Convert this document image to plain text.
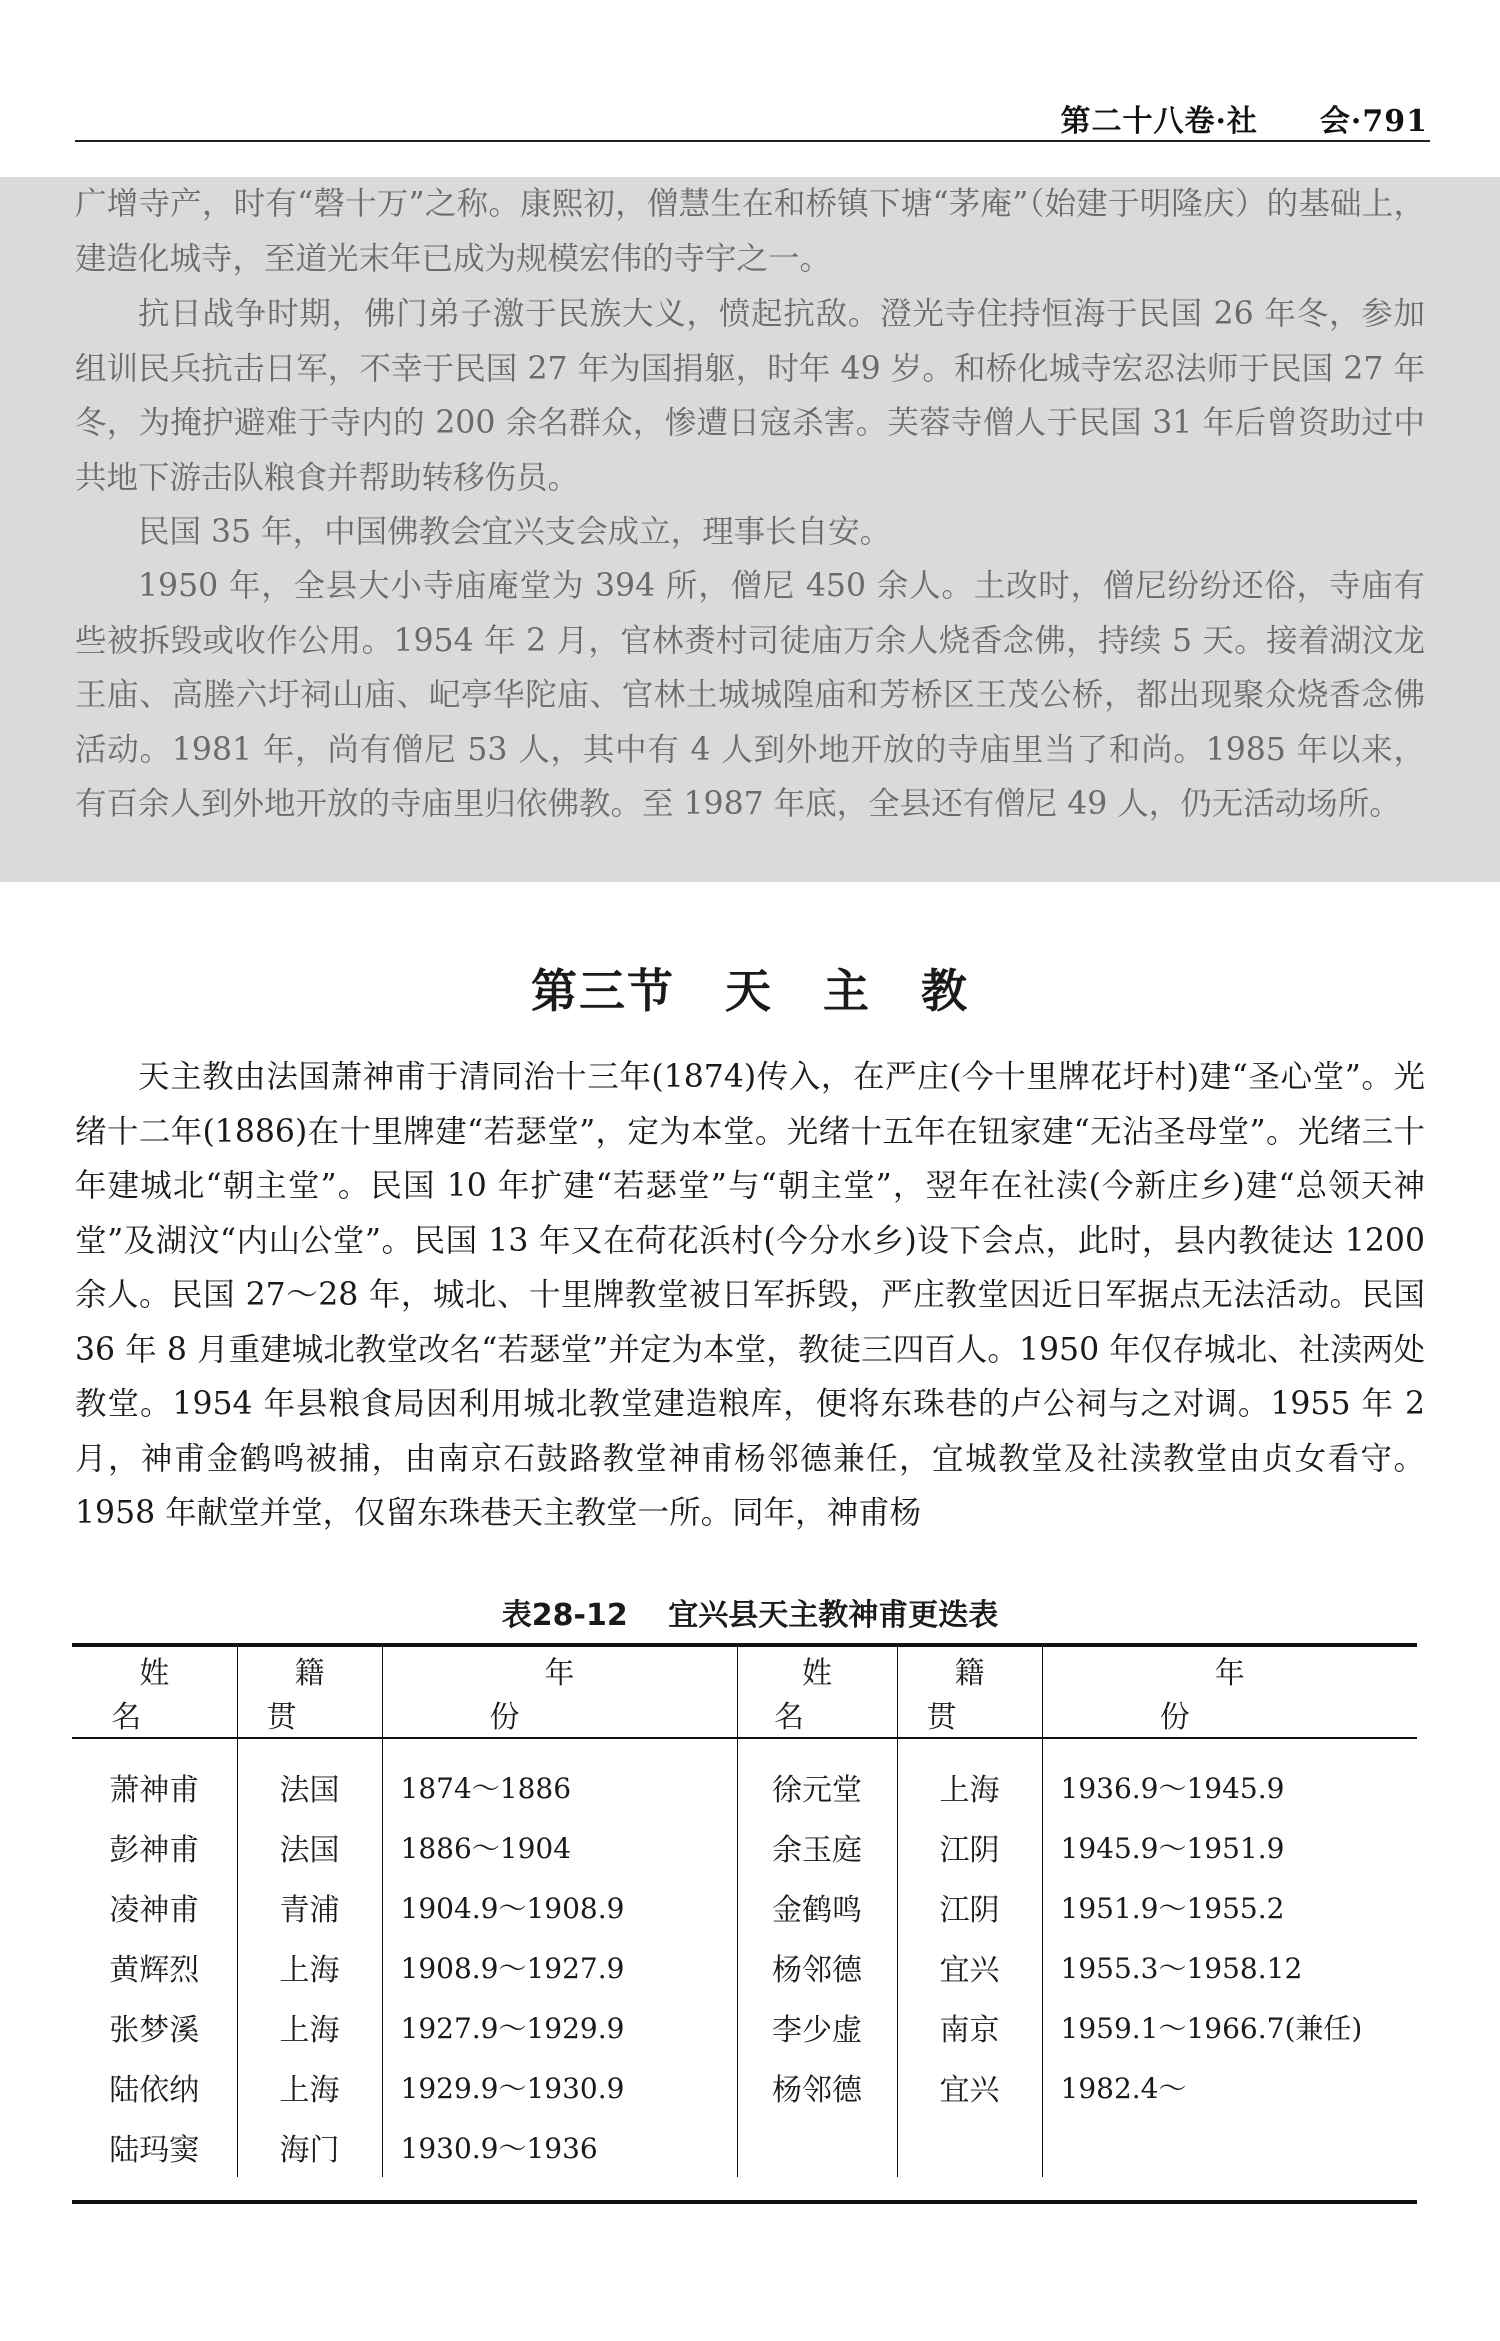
第二十八卷·社　　会·791

广增寺产，时有“磬十万”之称。康熙初，僧慧生在和桥镇下塘“茅庵”（始建于明隆庆）的基础上，建造化城寺，至道光末年已成为规模宏伟的寺宇之一。

抗日战争时期，佛门弟子激于民族大义，愤起抗敌。澄光寺住持恒海于民国 26 年冬，参加组训民兵抗击日军，不幸于民国 27 年为国捐躯，时年 49 岁。和桥化城寺宏忍法师于民国 27 年冬，为掩护避难于寺内的 200 余名群众，惨遭日寇杀害。芙蓉寺僧人于民国 31 年后曾资助过中共地下游击队粮食并帮助转移伤员。

民国 35 年，中国佛教会宜兴支会成立，理事长自安。

1950 年，全县大小寺庙庵堂为 394 所，僧尼 450 余人。土改时，僧尼纷纷还俗，寺庙有些被拆毁或收作公用。1954 年 2 月，官林赉村司徒庙万余人烧香念佛，持续 5 天。接着湖汶龙王庙、高塍六圩祠山庙、屺亭华陀庙、官林土城城隍庙和芳桥区王茂公桥，都出现聚众烧香念佛活动。1981 年，尚有僧尼 53 人，其中有 4 人到外地开放的寺庙里当了和尚。1985 年以来，有百余人到外地开放的寺庙里归依佛教。至 1987 年底，全县还有僧尼 49 人，仍无活动场所。

第三节 天 主 教

天主教由法国萧神甫于清同治十三年(1874)传入，在严庄(今十里牌花圩村)建“圣心堂”。光绪十二年(1886)在十里牌建“若瑟堂”，定为本堂。光绪十五年在钮家建“无沾圣母堂”。光绪三十年建城北“朝主堂”。民国 10 年扩建“若瑟堂”与“朝主堂”，翌年在社渎(今新庄乡)建“总领天神堂”及湖汶“内山公堂”。民国 13 年又在荷花浜村(今分水乡)设下会点，此时，县内教徒达 1200 余人。民国 27～28 年，城北、十里牌教堂被日军拆毁，严庄教堂因近日军据点无法活动。民国 36 年 8 月重建城北教堂改名“若瑟堂”并定为本堂，教徒三四百人。1950 年仅存城北、社渎两处教堂。1954 年县粮食局因利用城北教堂建造粮库，便将东珠巷的卢公祠与之对调。1955 年 2 月，神甫金鹤鸣被捕，由南京石鼓路教堂神甫杨邻德兼任，宜城教堂及社渎教堂由贞女看守。1958 年献堂并堂，仅留东珠巷天主教堂一所。同年，神甫杨

表28-12 宜兴县天主教神甫更迭表
姓名	籍贯	年份	姓名	籍贯	年份
萧神甫	法国	1874～1886	徐元堂	上海	1936.9～1945.9
彭神甫	法国	1886～1904	余玉庭	江阴	1945.9～1951.9
凌神甫	青浦	1904.9～1908.9	金鹤鸣	江阴	1951.9～1955.2
黄辉烈	上海	1908.9～1927.9	杨邻德	宜兴	1955.3～1958.12
张梦溪	上海	1927.9～1929.9	李少虚	南京	1959.1～1966.7(兼任)
陆依纳	上海	1929.9～1930.9	杨邻德	宜兴	1982.4～
陆玛窦	海门	1930.9～1936			
